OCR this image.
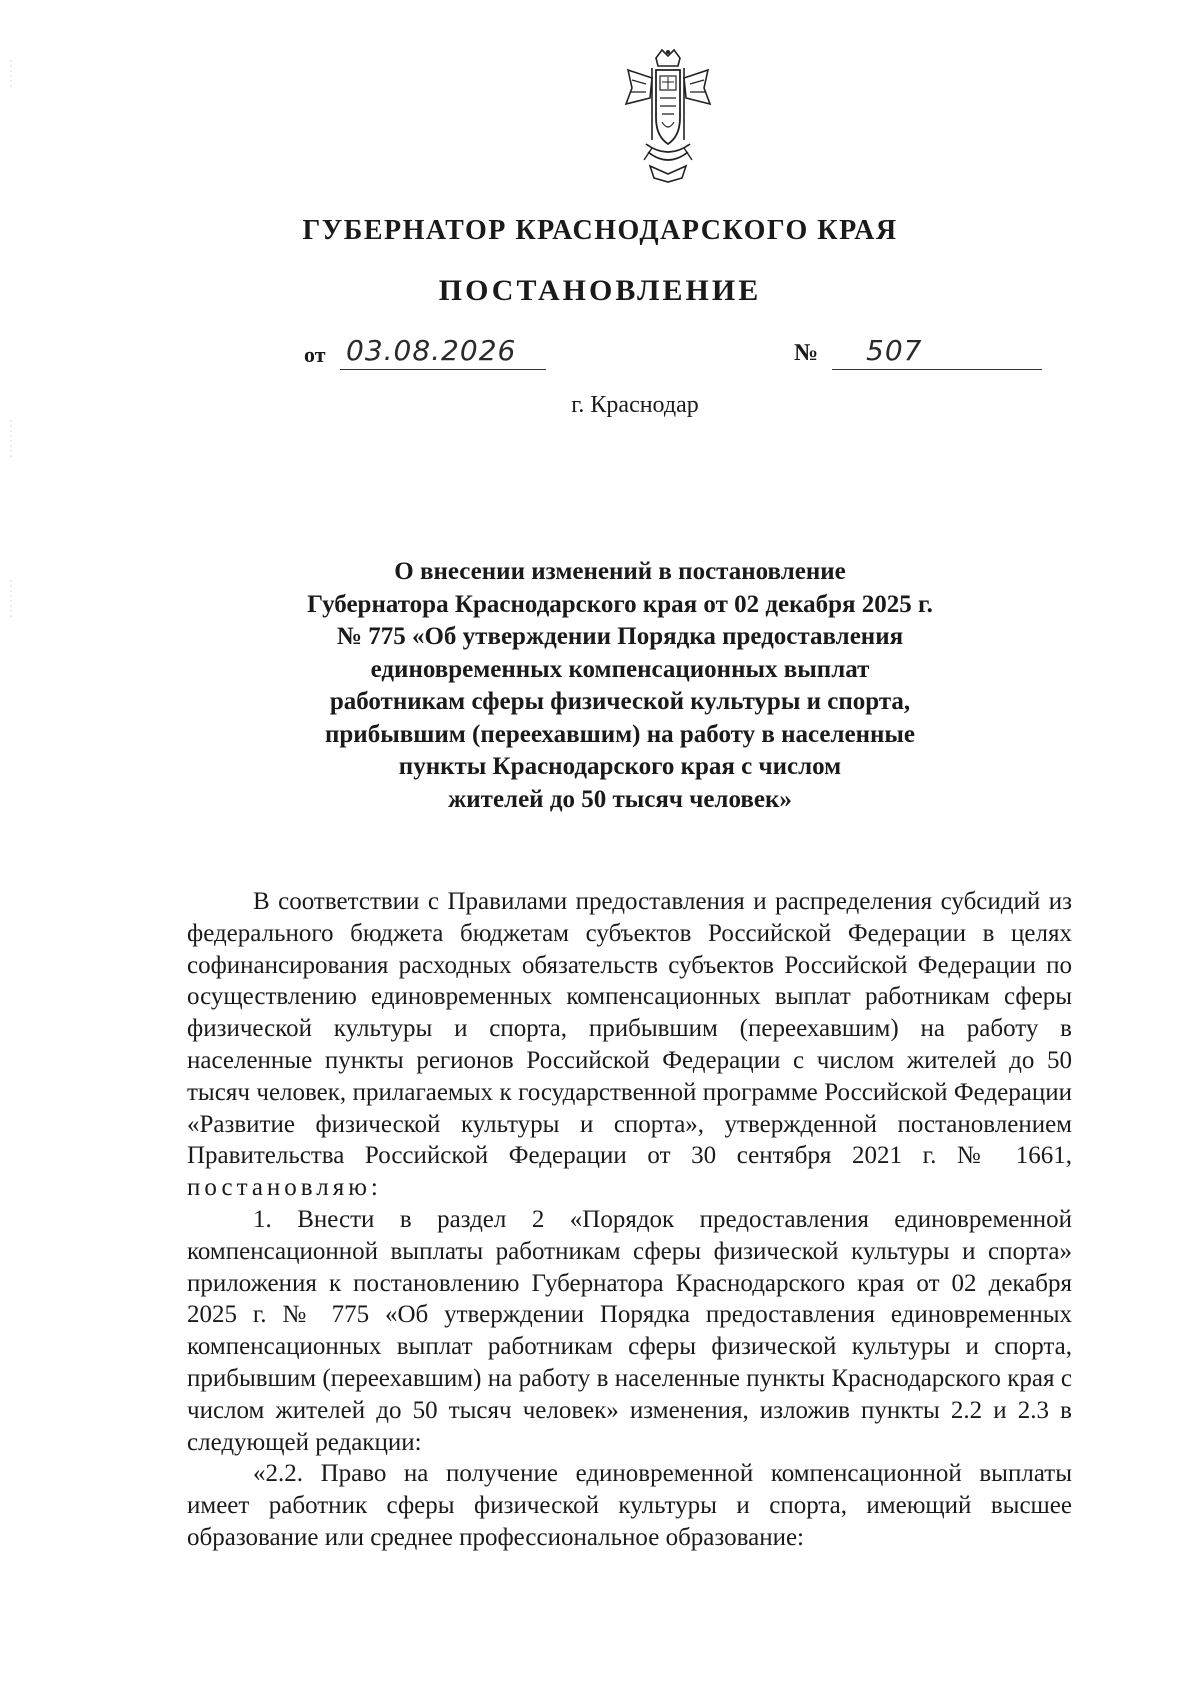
ГУБЕРНАТОР КРАСНОДАРСКОГО КРАЯ
ПОСТАНОВЛЕНИЕ
от 03.08.2026	№	507
г. Краснодар
О внесении изменений в постановление
Губернатора Краснодарского края от 02 декабря 2025 г.
№ 775 «Об утверждении Порядка предоставления
единовременных компенсационных выплат
работникам сферы физической культуры и спорта,
прибывшим (переехавшим) на работу в населенные
пункты Краснодарского края с числом
жителей до 50 тысяч человек»

В соответствии с Правилами предоставления и распределения субсидий из федерального бюджета бюджетам субъектов Российской Федерации в целях софинансирования расходных обязательств субъектов Российской Федерации по осуществлению единовременных компенсационных выплат работникам сферы физической культуры и спорта, прибывшим (переехавшим) на работу в населенные пункты регионов Российской Федерации с числом жителей до 50 тысяч человек, прилагаемых к государственной программе Российской Федерации «Развитие физической культуры и спорта», утвержденной постановлением Правительства Российской Федерации от 30 сентября 2021 г. № 1661, постановляю:

1. Внести в раздел 2 «Порядок предоставления единовременной компенсационной выплаты работникам сферы физической культуры и спорта» приложения к постановлению Губернатора Краснодарского края от 02 декабря 2025 г. № 775 «Об утверждении Порядка предоставления единовременных компенсационных выплат работникам сферы физической культуры и спорта, прибывшим (переехавшим) на работу в населенные пункты Краснодарского края с числом жителей до 50 тысяч человек» изменения, изложив пункты 2.2 и 2.3 в следующей редакции:

«2.2. Право на получение единовременной компенсационной выплаты имеет работник сферы физической культуры и спорта, имеющий высшее образование или среднее профессиональное образование:
